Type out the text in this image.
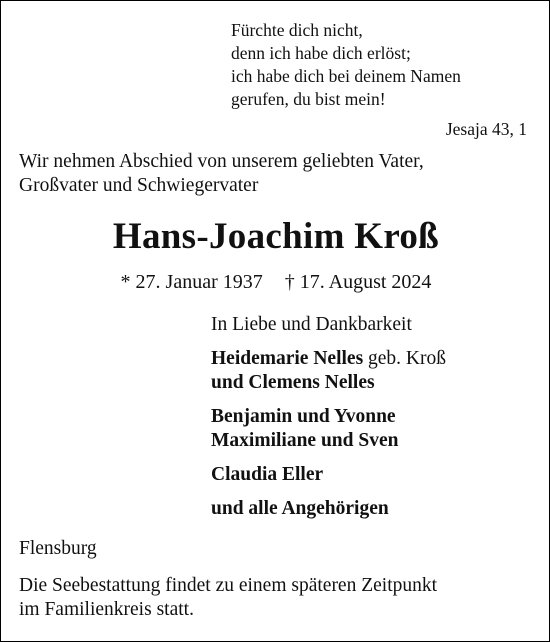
Fürchte dich nicht,
denn ich habe dich erlöst;
ich habe dich bei deinem Namen
gerufen, du bist mein!
Jesaja 43, 1
Wir nehmen Abschied von unserem geliebten Vater,
Großvater und Schwiegervater
Hans-Joachim Kroß
* 27. Januar 1937 † 17. August 2024
In Liebe und Dankbarkeit
Heidemarie Nelles geb. Kroß
und Clemens Nelles
Benjamin und Yvonne
Maximiliane und Sven
Claudia Eller
und alle Angehörigen
Flensburg
Die Seebestattung findet zu einem späteren Zeitpunkt
im Familienkreis statt.
